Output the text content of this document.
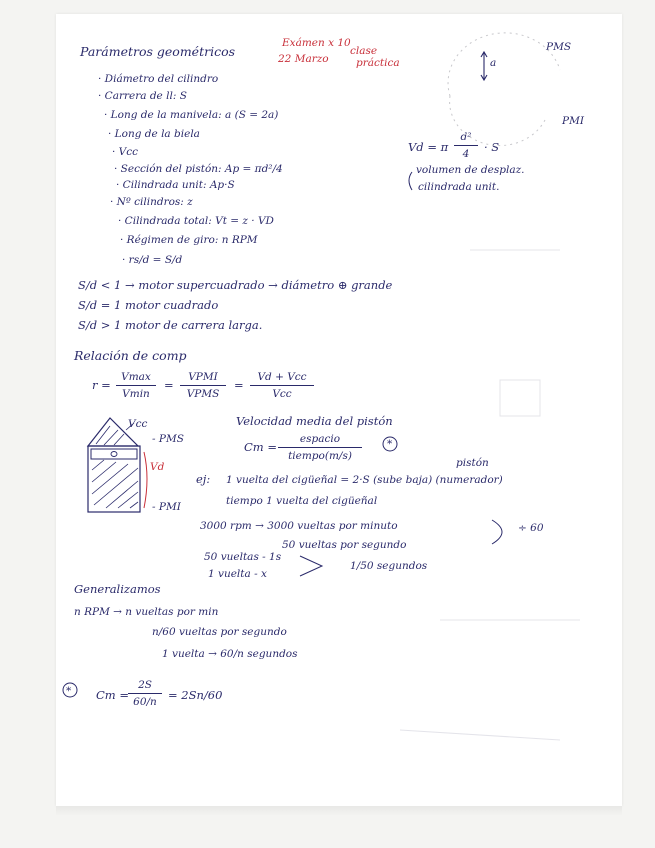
Parámetros geométricos
Exámen x 10
22 Marzo
clase
práctica
PMS
PMI
a
· Diámetro del cilindro
· Carrera de ll: S
· Long de la manivela: a (S = 2a)
· Long de la biela
· Vcc
· Sección del pistón: Ap = πd²/4
· Cilindrada unit: Ap·S
· Nº cilindros: z
· Cilindrada total: Vt = z · VD
· Régimen de giro: n RPM
· rs/d = S/d
Vd = π $\frac{\text{d²}}{4} \cdot S$
volumen de desplaz.
cilindrada unit.
S/d < 1 → motor supercuadrado → diámetro ⊕ grande
S/d = 1 motor cuadrado
S/d > 1 motor de carrera larga.
Relación de comp
r =
Vmax
Vmin
=
VPMI
VPMS
=
Vd + Vcc
Vcc
Vcc
- PMS
Vd
- PMI
Velocidad media del pistón
Cm =
espacio
tiempo(m/s)
*
pistón
ej: 1 vuelta del cigüeñal = 2·S (sube baja) (numerador)
tiempo 1 vuelta del cigüeñal
3000 rpm → 3000 vueltas por minuto	÷ 60
50 vueltas por segundo
50 vueltas - 1s
1 vuelta - x
1/50 segundos
Generalizamos
n RPM → n vueltas por min
n/60 vueltas por segundo
1 vuelta → 60/n segundos
* $Cm = \frac{2S}{60/n} = 2Sn/60$
